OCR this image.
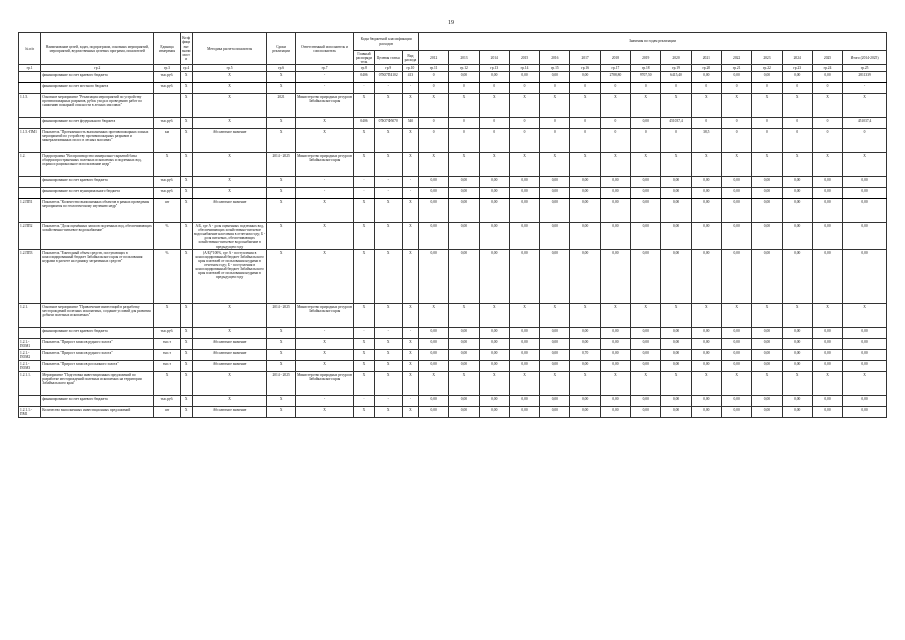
19
№ п/п	Наименование целей, задач, подпрограмм, основных мероприятий, мероприятий, ведомственных целевых программ, показателей	Единица измерения	Коэффициент значимости	Методика расчета показателя	Сроки реализации	Ответственный исполнитель и соисполнитель	Коды бюджетной классификации расходов			Значения по годам реализации														
							Главный распорядитель	Целевая статья	Вид расхода	2012	2013	2014	2015	2016	2017	2018	2019	2020	2021	2022	2023	2024	2025	Итого (2014-2025)
гр.1	гр.2	гр.3	гр.4	гр.5	гр.6	гр.7	гр.8	гр.9	гр.10	гр.11	гр.12	гр.13	гр.14	гр.15	гр.16	гр.17	гр.18	гр.19	гр.20	гр.21	гр.22	гр.23	гр.24	гр.25
	финансирование за счет краевого бюджета	тыс.руб.	X	X	X	-	0406	07Ю7П4102	413	0	0,00	0,00	0,00	0,00	0,00	2788,80	9707,50	6415,40	0,00	0,00	0,00	0,00	0,00	2811339
	финансирование за счет местного бюджета	тыс.руб.	X	X	X	-	-	-	-	0	0	0	0	0	0	0	0	0	0	0	0	0	0	-
1.1.5.	Основное мероприятие "Реализация мероприятий по устройству противопожарных разрывов, рубок ухода и проведению работ по снижению пожарной опасности в лесных массивах"		X	X	2021	Министерство природных ресурсов Забайкальского края	X	X	X	X	X	X	X	X	X	X	X	X	X	X	X	X	X	X
	финансирование за счет федерального бюджета	тыс.руб.	X	X	X	X	0406	07Ю7Ф5070	540	0	0	0	0	0	0	0	0,00	451037,4	0	0	0	0	0	451037,4
1.1.5.-ПМ1	Показатель "Протяженность выполненных противопожарных и иных мероприятий по устройству противопожарных разрывов и минерализованных полос в лесных массивах"	км	X	Абсолютное значение	X	X	X	X	X	0	0	0	0	0	0	0	0	0	38,5	0	0	0	0	0
1.2.	Подпрограмма "Воспроизводство минерально-сырьевой базы общераспространенных полезных ископаемых и подземных вод, охрана и рациональное использование недр"	X	X	X	2014 - 2025	Министерство природных ресурсов Забайкальского края	X	X	X	X	X	X	X	X	X	X	X	X	X	X	X	X	X	X
	финансирование за счет краевого бюджета	тыс.руб.	X	X	X	-	-	-	-	0,00	0,00	0,00	0,00	0,00	0,00	0,00	0,00	0,00	0,00	0,00	0,00	0,00	0,00	0,00
	финансирование за счет муниципального бюджета	тыс.руб.	X	X	X	-	-	-	-	0,00	0,00	0,00	0,00	0,00	0,00	0,00	0,00	0,00	0,00	0,00	0,00	0,00	0,00	0,00
1.2.ПП1	Показатель "Количество выполненных объектов в рамках проведения мероприятия по геологическому изучению недр"	шт	X	Абсолютное значение	X	X	X	X	X	0,00	0,00	0,00	0,00	0,00	0,00	0,00	0,00	0,00	0,00	0,00	0,00	0,00	0,00	0,00
1.2.ПП2	Показатель "Доля оценённых запасов подземных вод, обеспечивающих хозяйственно-питьевое водоснабжение"	%	X	А/Б, где А - доля оцененных подземных вод, обеспечивающих хозяйственно-питьевое водоснабжение населения в отчетном году; Б - доля питьевых, обеспечивающих хозяйственно-питьевое водоснабжение в предыдущем году	X	X	X	X	X	0,00	0,00	0,00	0,00	0,00	0,00	0,00	0,00	0,00	0,00	0,00	0,00	0,00	0,00	0,00
1.2.ПП3	Показатель "Ежегодный объем средств, поступающих в консолидированный бюджет Забайкальского края от пользования недрами в расчете на единицу затраченных средств"	%	X	(А/Б)*100%, где А - поступления в консолидированный бюджет Забайкальского края платежей от пользования недрами в отчетном году; Б - поступления в консолидированный бюджет Забайкальского края платежей от пользования недрами в предыдущем году	X	X	X	X	X	0,00	0,00	0,00	0,00	0,00	0,00	0,00	0,00	0,00	0,00	0,00	0,00	0,00	0,00	0,00
1.2.1.	Основное мероприятие "Привлечение инвестиций в разработку месторождений полезных ископаемых, создание условий для развития добычи полезных ископаемых"	X	X	X	2014 - 2025	Министерство природных ресурсов Забайкальского края	X	X	X	X	X	X	X	X	X	X	X	X	X	X	X	X	X	X
	финансирование за счет краевого бюджета	тыс.руб.	X	X	X	-	-	-	-	0,00	0,00	0,00	0,00	0,00	0,00	0,00	0,00	0,00	0,00	0,00	0,00	0,00	0,00	0,00
1.2.1.-ПОМ1	Показатель "Прирост запасов рудного золота"	тыс.т	X	Абсолютное значение	X	X	X	X	X	0,00	0,00	0,00	0,00	0,00	0,00	0,00	0,00	0,00	0,00	0,00	0,00	0,00	0,00	0,00
1.2.1.-ПОМ2	Показатель "Прирост запасов рудного золота"	тыс.т	X	Абсолютное значение	X	X	X	X	X	0,00	0,00	0,00	0,00	0,00	0,70	0,00	0,00	0,00	0,00	0,00	0,00	0,00	0,00	0,00
1.2.1.-ПОМ3	Показатель "Прирост запасов россыпного золота"	тыс.т	X	Абсолютное значение	X	X	X	X	X	0,00	0,00	0,00	0,00	0,00	0,00	0,00	0,00	0,00	0,00	0,00	0,00	0,00	0,00	0,00
1.2.1.1.	Мероприятие "Подготовка инвестиционных предложений по разработке месторождений полезных ископаемых на территории Забайкальского края"	X	X	X	2014 - 2025	Министерство природных ресурсов Забайкальского края	X	X	X	X	X	X	X	X	X	X	X	X	X	X	X	X	X	X
	финансирование за счет краевого бюджета	тыс.руб.	X	X	X	-	-	-	-	0,00	0,00	0,00	0,00	0,00	0,00	0,00	0,00	0,00	0,00	0,00	0,00	0,00	0,00	0,00
1.2.1.1.-ПМ1	Количество выполненных инвестиционных предложений	шт	X	Абсолютное значение	X	X	X	X	X	0,00	0,00	0,00	0,00	0,00	0,00	0,00	0,00	0,00	0,00	0,00	0,00	0,00	0,00	0,00
